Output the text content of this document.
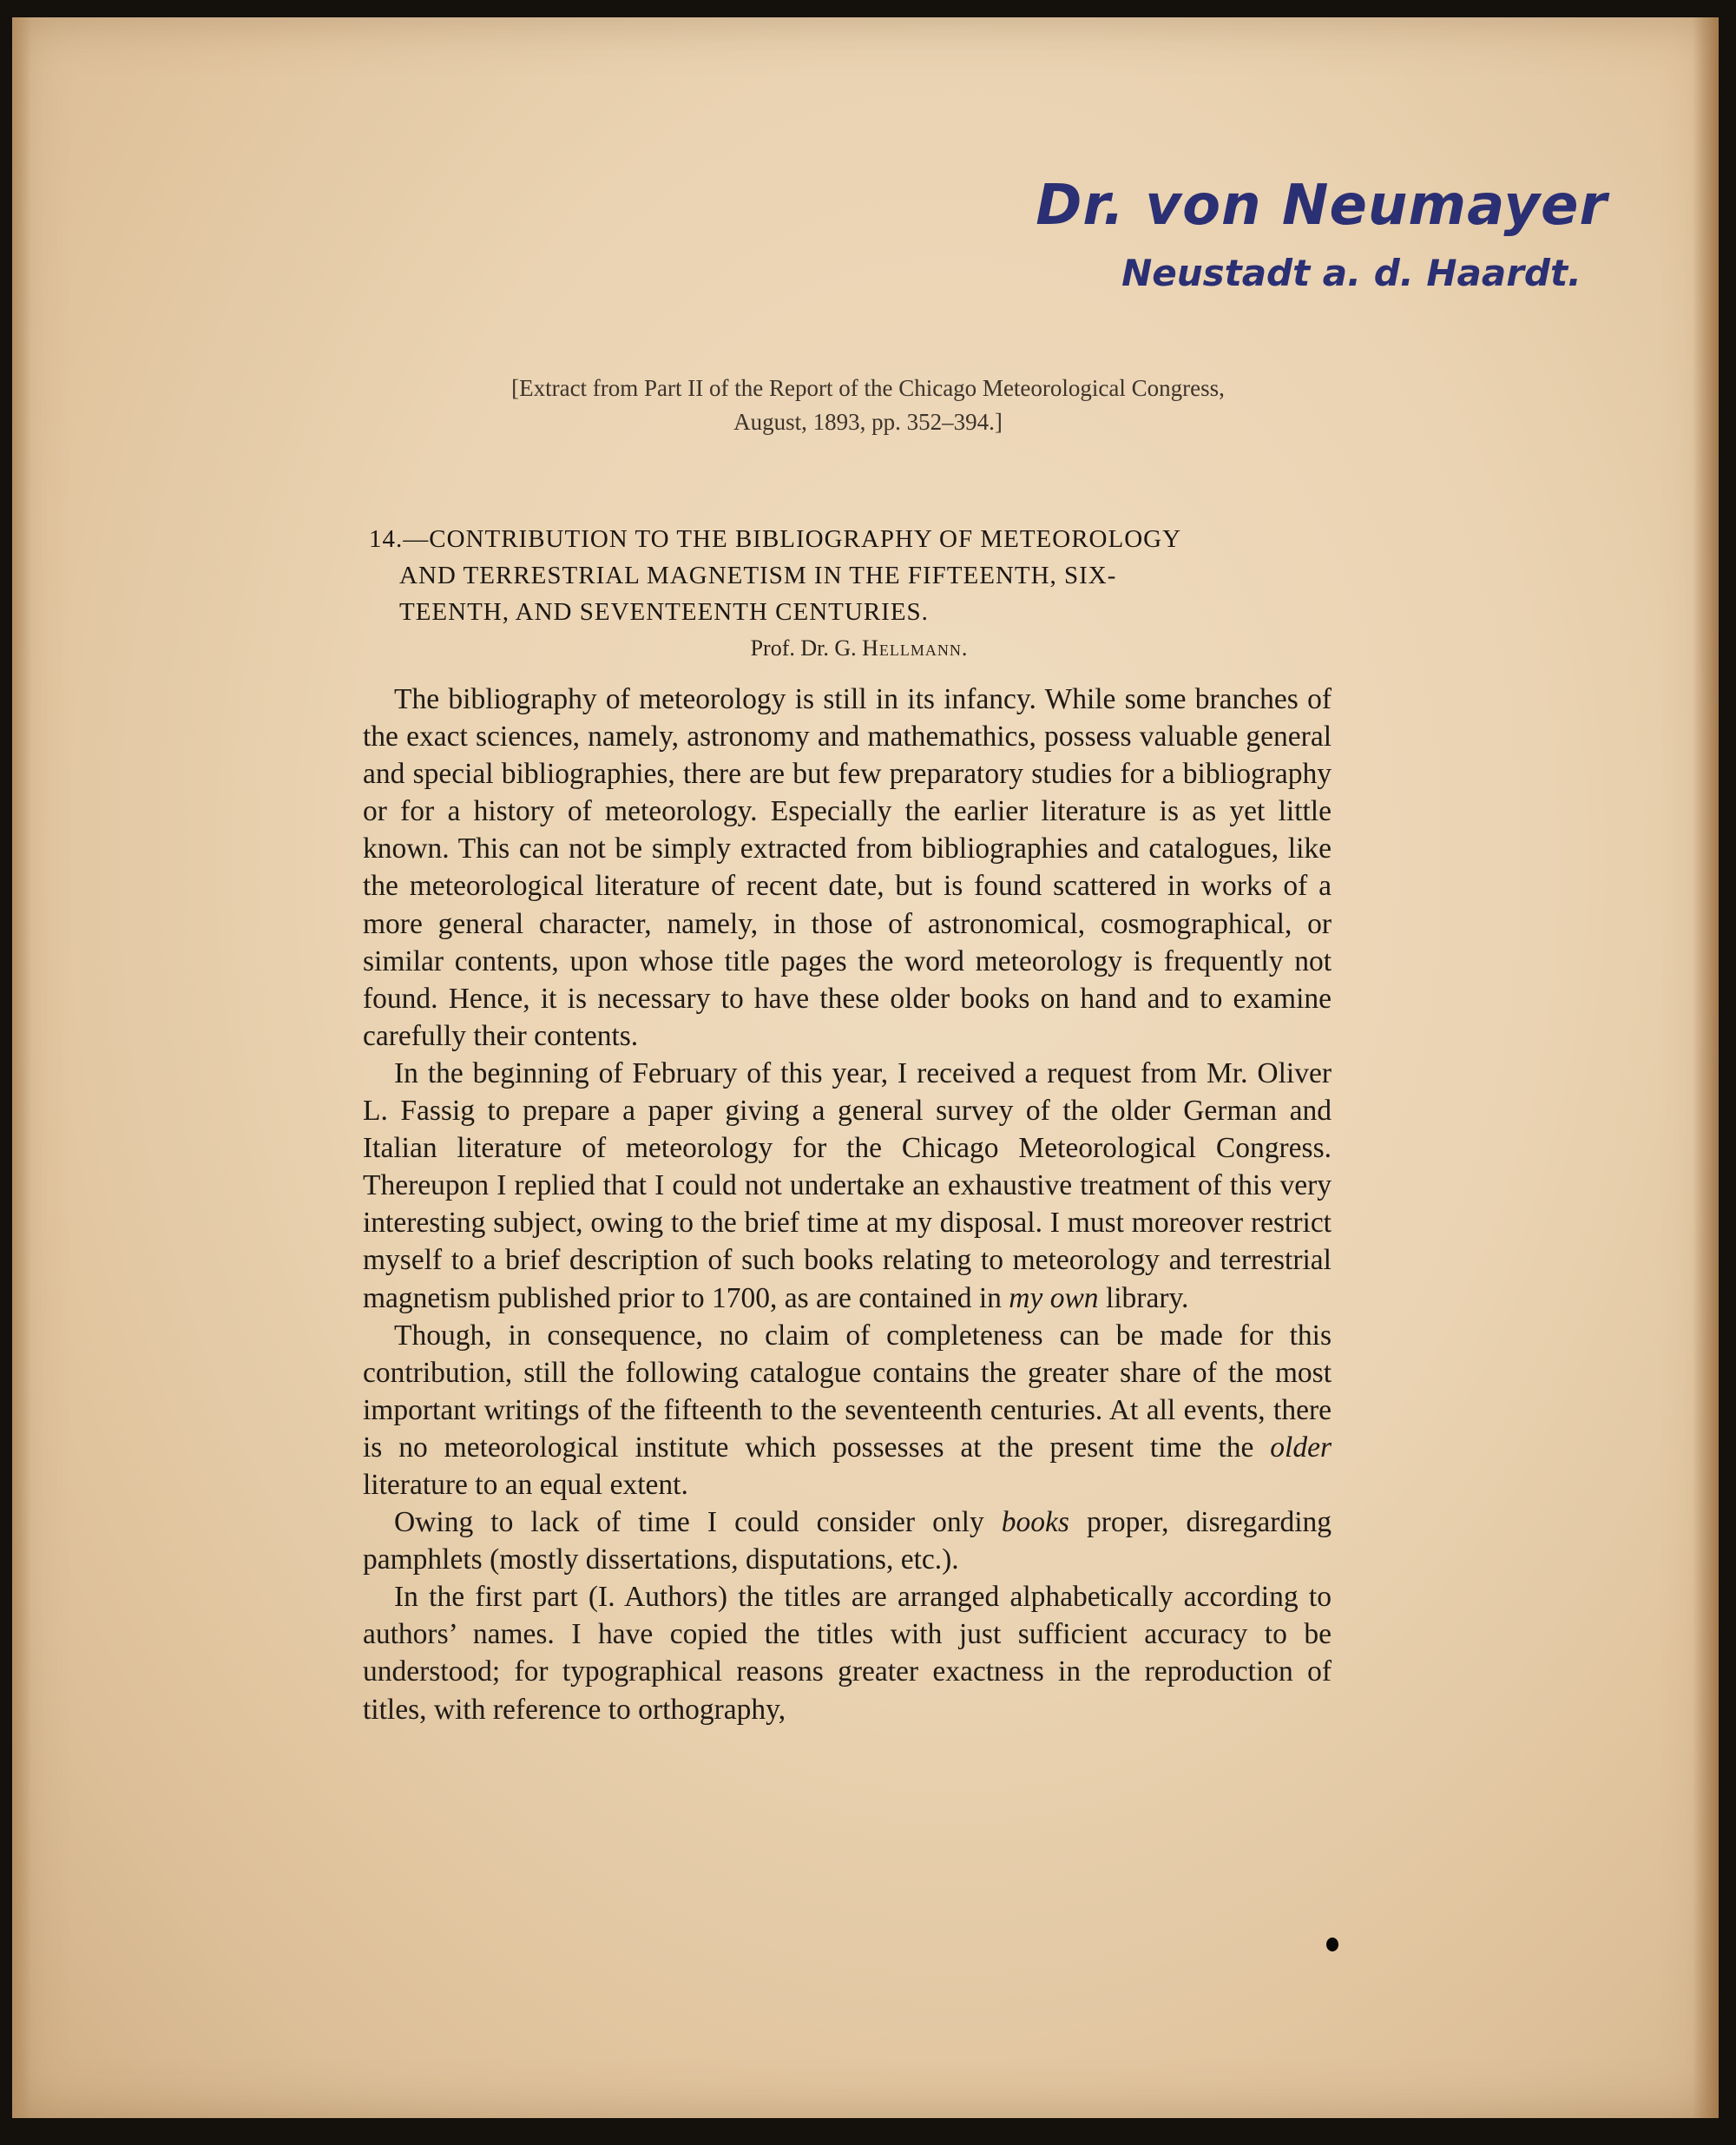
Dr. von Neumayer
Neustadt a. d. Haardt.
[Extract from Part II of the Report of the Chicago Meteorological Congress,
August, 1893, pp. 352–394.]
14.—CONTRIBUTION TO THE BIBLIOGRAPHY OF METEOROLOGY
AND TERRESTRIAL MAGNETISM IN THE FIFTEENTH, SIX-
TEENTH, AND SEVENTEENTH CENTURIES.
Prof. Dr. G. Hellmann.

The bibliography of meteorology is still in its infancy. While some branches of the exact sciences, namely, astronomy and mathemathics, possess valuable general and special bibliographies, there are but few preparatory studies for a bibliography or for a history of meteorology. Especially the earlier literature is as yet little known. This can not be simply extracted from bibliographies and catalogues, like the meteorological literature of recent date, but is found scattered in works of a more general character, namely, in those of astronomical, cosmographical, or similar contents, upon whose title pages the word meteorology is frequently not found. Hence, it is necessary to have these older books on hand and to examine carefully their contents.

In the beginning of February of this year, I received a request from Mr. Oliver L. Fassig to prepare a paper giving a general survey of the older German and Italian literature of meteorology for the Chicago Meteorological Congress. Thereupon I replied that I could not undertake an exhaustive treatment of this very interesting subject, owing to the brief time at my disposal. I must moreover restrict myself to a brief description of such books relating to meteorology and terrestrial magnetism published prior to 1700, as are contained in my own library.

Though, in consequence, no claim of completeness can be made for this contribution, still the following catalogue contains the greater share of the most important writings of the fifteenth to the seventeenth centuries. At all events, there is no meteorological institute which possesses at the present time the older literature to an equal extent.

Owing to lack of time I could consider only books proper, disregarding pamphlets (mostly dissertations, disputations, etc.).

In the first part (I. Authors) the titles are arranged alphabetically according to authors’ names. I have copied the titles with just sufficient accuracy to be understood; for typographical reasons greater exactness in the reproduction of titles, with reference to orthography,
